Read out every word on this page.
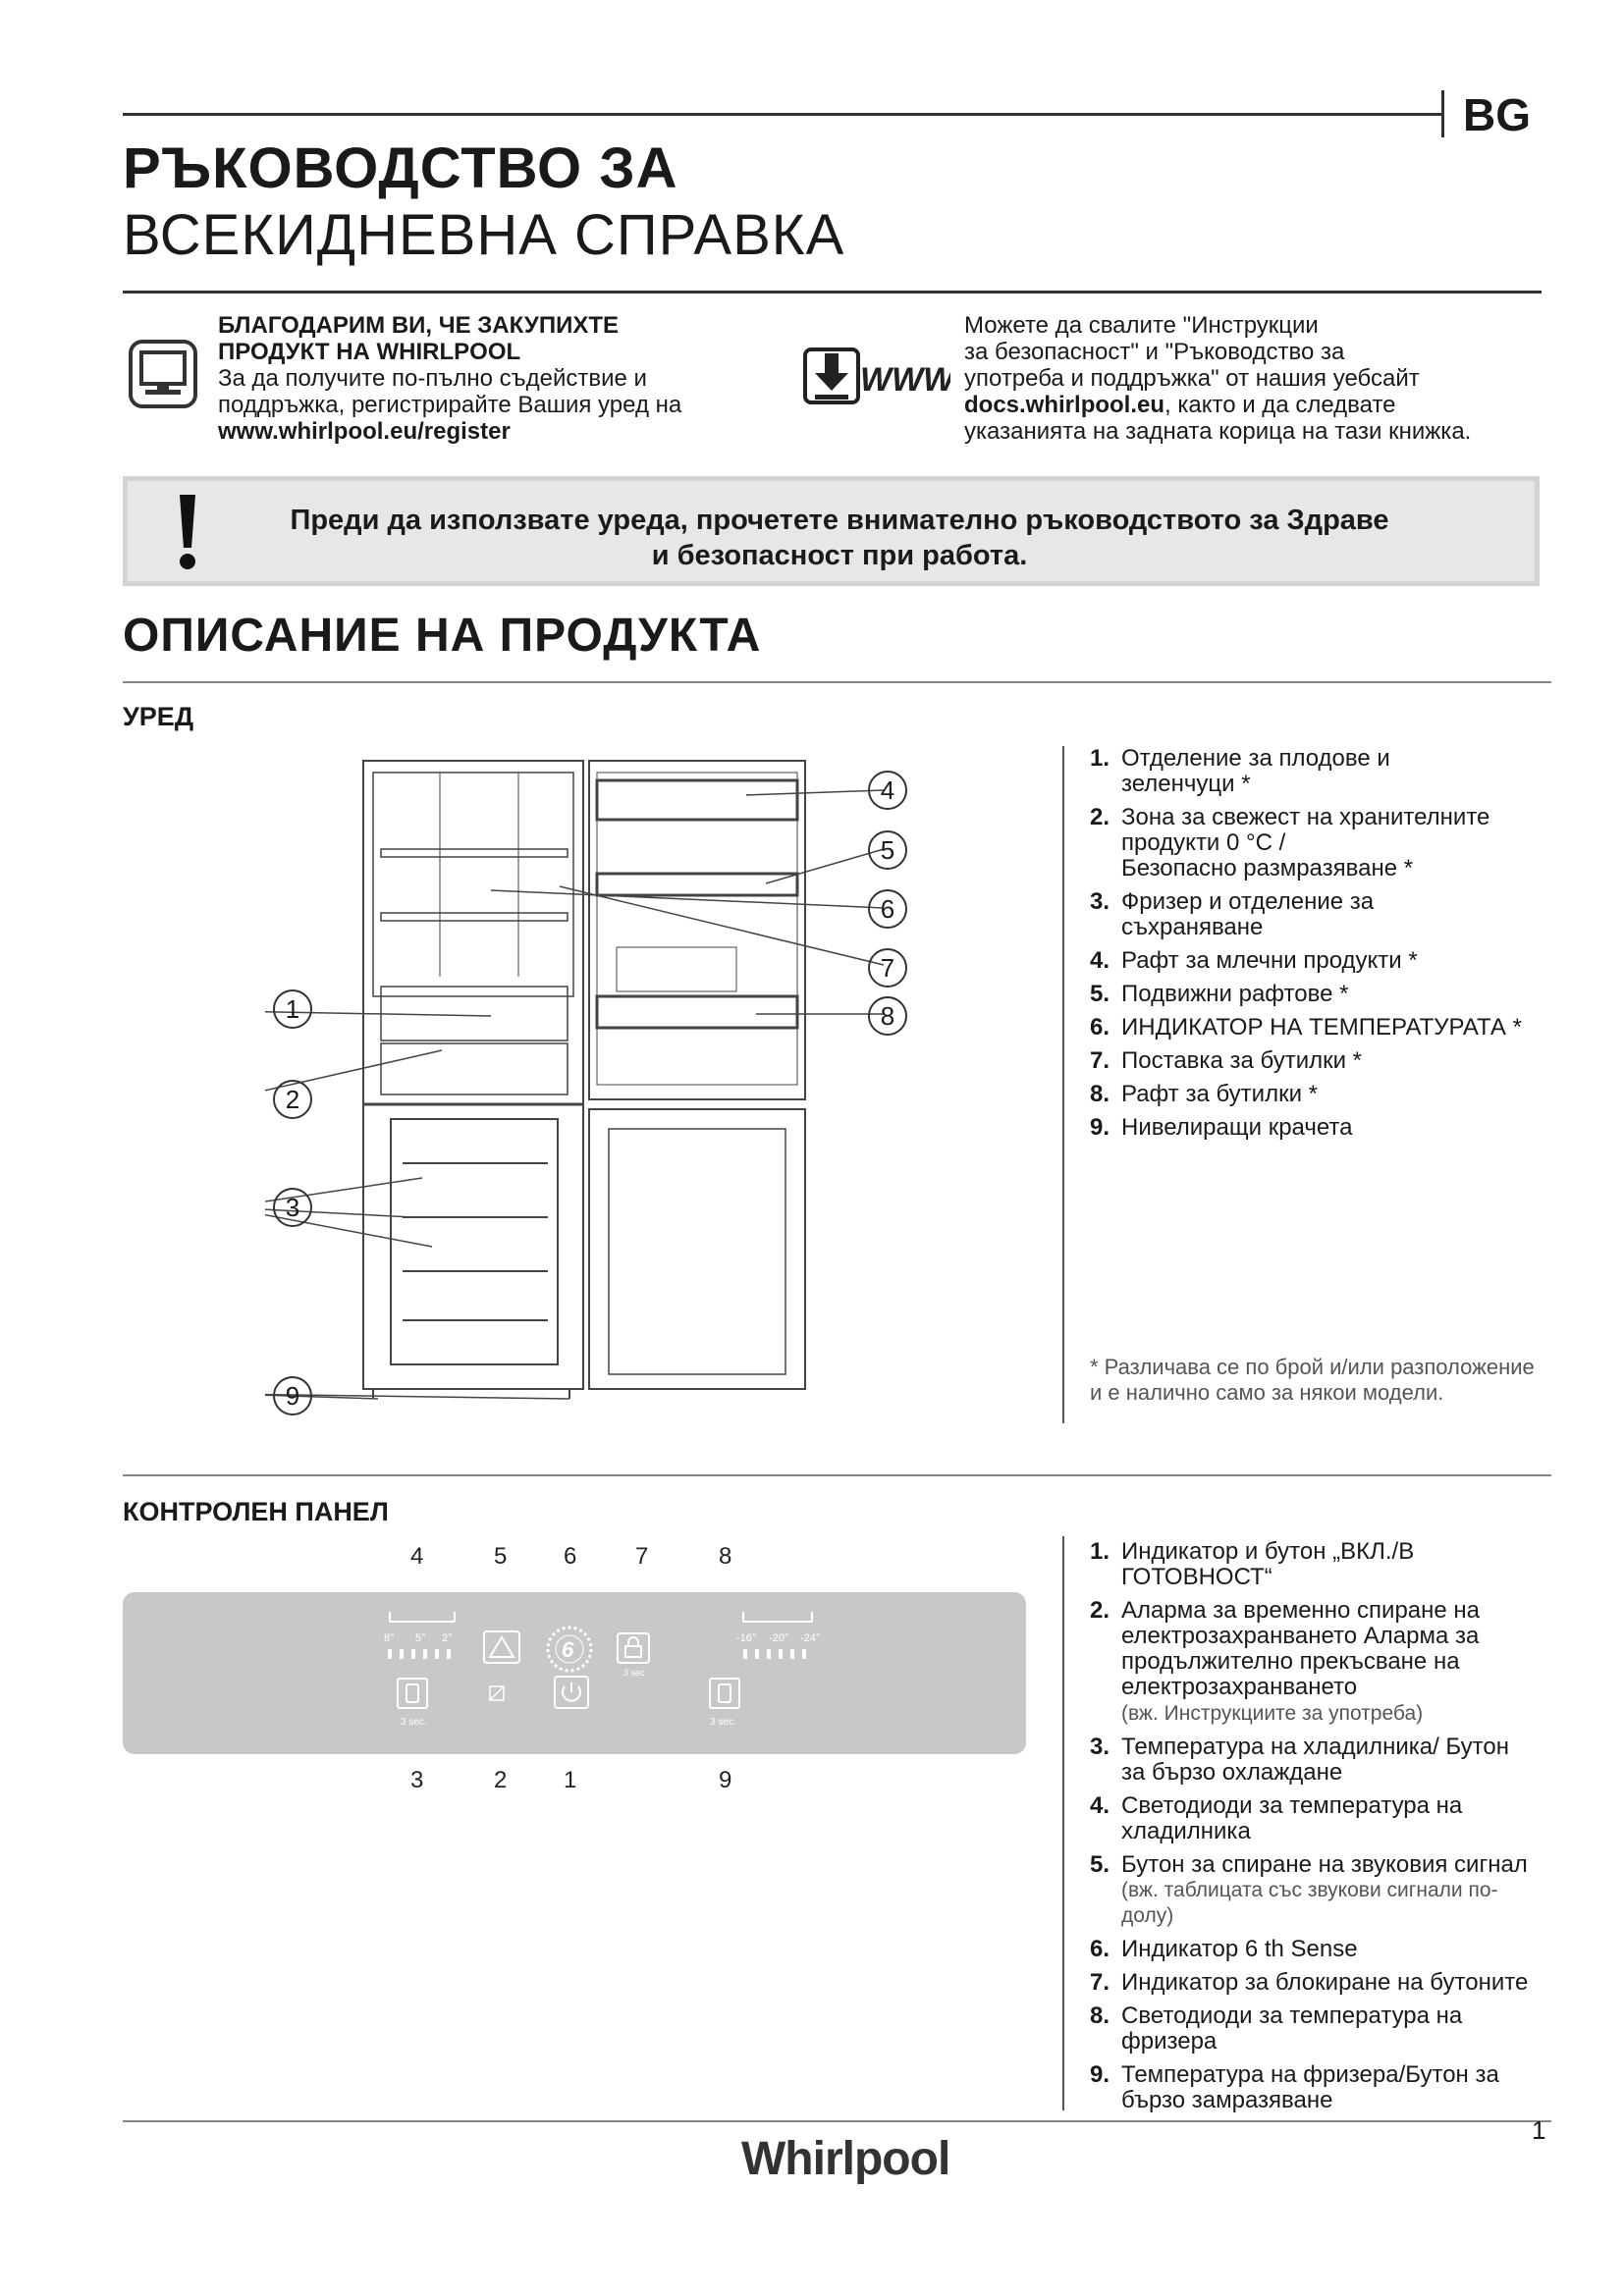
BG
РЪКОВОДСТВО ЗА
ВСЕКИДНЕВНА СПРАВКА
БЛАГОДАРИМ ВИ, ЧЕ ЗАКУПИХТЕ
ПРОДУКТ НА WHIRLPOOL
За да получите по-пълно съдействие и
поддръжка, регистрирайте Вашия уред на
www.whirlpool.eu/register
WWW
Можете да свалите "Инструкции
за безопасност" и "Ръководство за
употреба и поддръжка" от нашия уебсайт
docs.whirlpool.eu, както и да следвате
указанията на задната корица на тази книжка.
Преди да използвате уреда, прочетете внимателно ръководството за Здраве
и безопасност при работа.
ОПИСАНИЕ НА ПРОДУКТА
УРЕД
1
2
3
4
5
6
7
8
9
1. Отделение за плодове и
зеленчуци *
2. Зона за свежест на хранителните
продукти 0 °C /
Безопасно размразяване *
3. Фризер и отделение за
съхраняване
4. Рафт за млечни продукти *
5. Подвижни рафтове *
6. ИНДИКАТОР НА ТЕМПЕРАТУРАТА *
7. Поставка за бутилки *
8. Рафт за бутилки *
9. Нивелиращи крачета
* Различава се по брой и/или разположение и е налично само за някои модели.
КОНТРОЛЕН ПАНЕЛ
4	5 6 7	8
8° 5° 2°	-16° -20° -24°
6
3 sec
3 sec.	3 sec.
3	2 1	9
1. Индикатор и бутон „ВКЛ./В
ГОТОВНОСТ“
2. Аларма за временно спиране на
електрозахранването Аларма за
продължително прекъсване на
електрозахранването
(вж. Инструкциите за употреба)
3. Температура на хладилника/ Бутон
за бързо охлаждане
4. Светодиоди за температура на
хладилника
5. Бутон за спиране на звуковия сигнал
(вж. таблицата със звукови сигнали по-
долу)
6. Индикатор 6 th Sense
7. Индикатор за блокиране на бутоните
8. Светодиоди за температура на
фризера
9. Температура на фризера/Бутон за
бързо замразяване
Whirlpool
1
